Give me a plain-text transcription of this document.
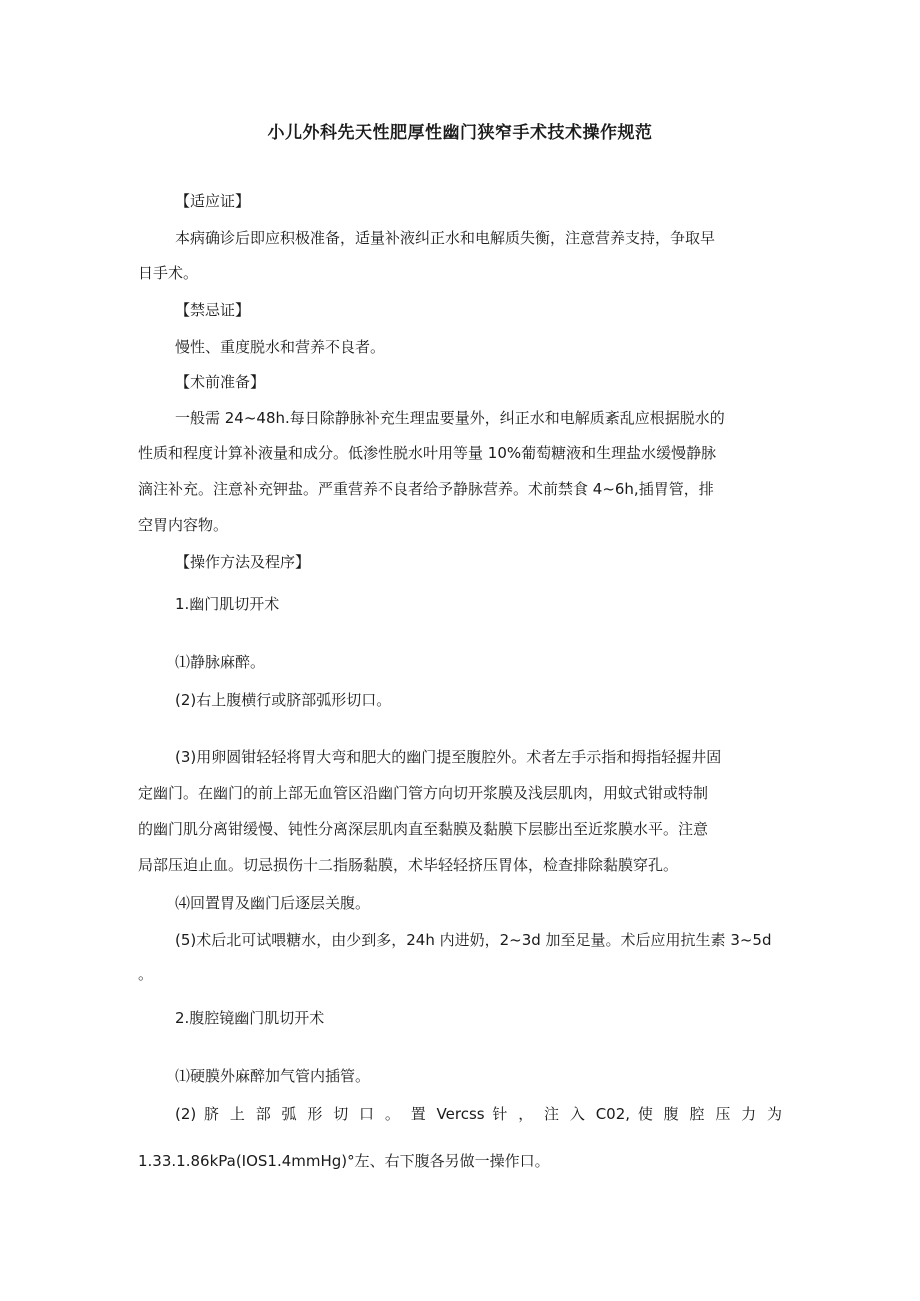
小儿外科先天性肥厚性幽门狭窄手术技术操作规范
【适应证】
本病确诊后即应积极准备，适量补液纠正水和电解质失衡，注意营养支持，争取早
日手术。
【禁忌证】
慢性、重度脱水和营养不良者。
【术前准备】
一般需 24~48h.每日除静脉补充生理盅要量外，纠正水和电解质紊乱应根据脱水的
性质和程度计算补液量和成分。低渗性脱水叶用等量 10%葡萄糖液和生理盐水缓慢静脉
滴注补充。注意补充钾盐。严重营养不良者给予静脉营养。术前禁食 4~6h,插胃管，排
空胃内容物。
【操作方法及程序】
1.幽门肌切开术
⑴静脉麻醉。
(2)右上腹横行或脐部弧形切口。
(3)用卵圆钳轻轻将胃大弯和肥大的幽门提至腹腔外。术者左手示指和拇指轻握井固
定幽门。在幽门的前上部无血管区沿幽门管方向切开浆膜及浅层肌肉，用蚊式钳或特制
的幽门肌分离钳缓慢、钝性分离深层肌肉直至黏膜及黏膜下层膨出至近浆膜水平。注意
局部压迫止血。切忌损伤十二指肠黏膜，术毕轻轻挤压胃体，检查排除黏膜穿孔。
⑷回置胃及幽门后逐层关腹。
(5)术后北可试喂糖水，由少到多，24h 内进奶，2~3d 加至足量。术后应用抗生素 3~5d
。
2.腹腔镜幽门肌切开术
⑴硬膜外麻醉加气管内插管。
(2) 脐 上 部 弧 形 切 口 。 置 Vercss 针 ， 注 入 C02, 使 腹 腔 压 力 为
1.33.1.86kPa(IOS1.4mmHg)°左、右下腹各另做一操作口。
